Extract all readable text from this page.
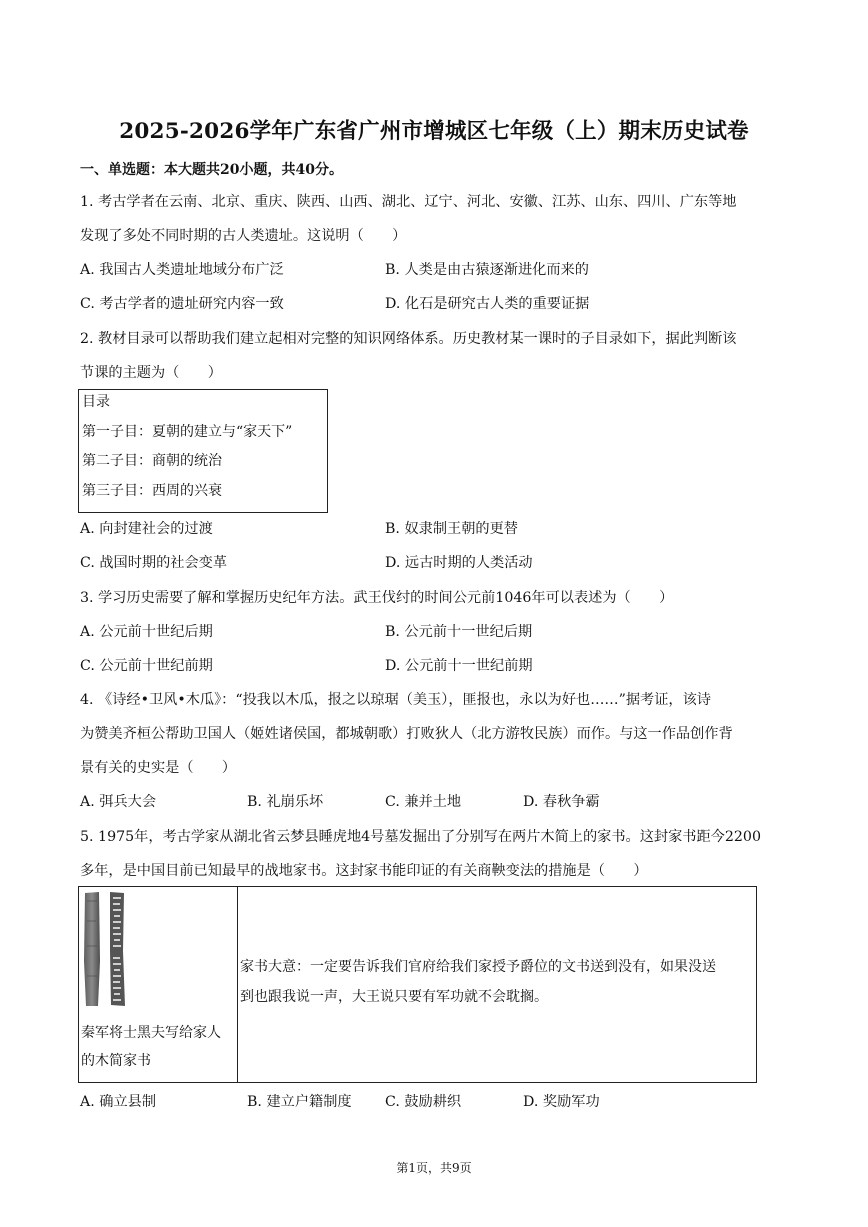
2025-2026学年广东省广州市增城区七年级（上）期末历史试卷
一、单选题：本大题共20小题，共40分。
1. 考古学者在云南、北京、重庆、陕西、山西、湖北、辽宁、河北、安徽、江苏、山东、四川、广东等地
发现了多处不同时期的古人类遗址。这说明（　　）
A. 我国古人类遗址地域分布广泛	B. 人类是由古猿逐渐进化而来的
C. 考古学者的遗址研究内容一致	D. 化石是研究古人类的重要证据
2. 教材目录可以帮助我们建立起相对完整的知识网络体系。历史教材某一课时的子目录如下，据此判断该
节课的主题为（　　）
目录
第一子目：夏朝的建立与“家天下”
第二子目：商朝的统治
第三子目：西周的兴衰
A. 向封建社会的过渡	B. 奴隶制王朝的更替
C. 战国时期的社会变革	D. 远古时期的人类活动
3. 学习历史需要了解和掌握历史纪年方法。武王伐纣的时间公元前1046年可以表述为（　　）
A. 公元前十世纪后期	B. 公元前十一世纪后期
C. 公元前十世纪前期	D. 公元前十一世纪前期
4. 《诗经•卫风•木瓜》：“投我以木瓜，报之以琼琚（美玉），匪报也，永以为好也……”据考证，该诗
为赞美齐桓公帮助卫国人（姬姓诸侯国，都城朝歌）打败狄人（北方游牧民族）而作。与这一作品创作背
景有关的史实是（　　）
A. 弭兵大会	B. 礼崩乐坏	C. 兼并土地	D. 春秋争霸
5. 1975年，考古学家从湖北省云梦县睡虎地4号墓发掘出了分别写在两片木简上的家书。这封家书距今2200
多年，是中国目前已知最早的战地家书。这封家书能印证的有关商鞅变法的措施是（　　）
秦军将士黑夫写给家人
的木简家书

家书大意：一定要告诉我们官府给我们家授予爵位的文书送到没有，如果没送
到也跟我说一声，大王说只要有军功就不会耽搁。
A. 确立县制	B. 建立户籍制度 C. 鼓励耕织	D. 奖励军功
第1页，共9页
